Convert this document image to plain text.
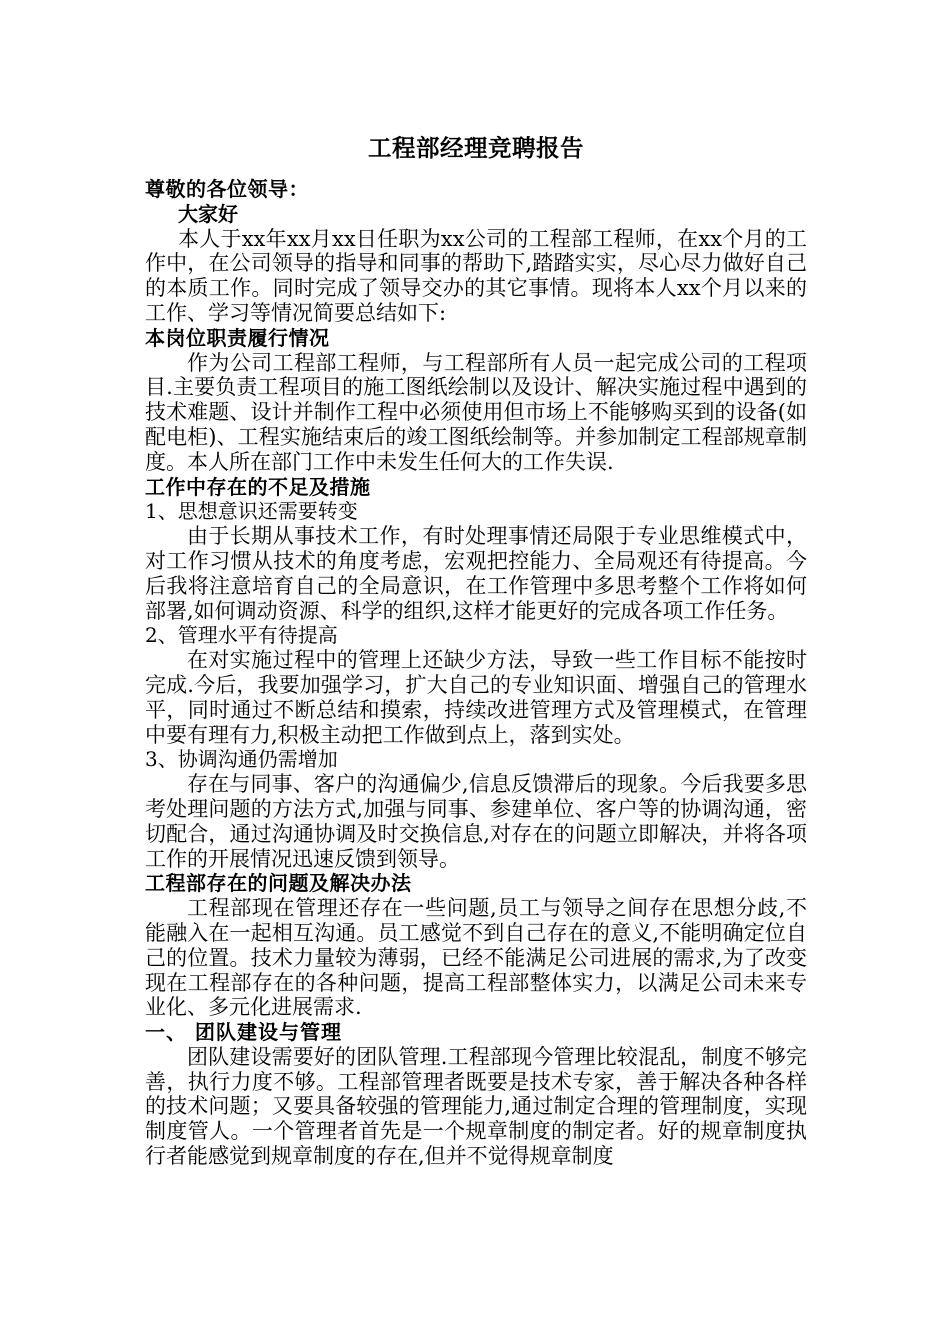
工程部经理竞聘报告

尊敬的各位领导：

大家好

本人于xx年xx月xx日任职为xx公司的工程部工程师，在xx个月的工作中，在公司领导的指导和同事的帮助下,踏踏实实，尽心尽力做好自己的本质工作。同时完成了领导交办的其它事情。现将本人xx个月以来的工作、学习等情况简要总结如下:

本岗位职责履行情况

作为公司工程部工程师，与工程部所有人员一起完成公司的工程项目.主要负责工程项目的施工图纸绘制以及设计、解决实施过程中遇到的技术难题、设计并制作工程中必须使用但市场上不能够购买到的设备(如配电柜)、工程实施结束后的竣工图纸绘制等。并参加制定工程部规章制度。本人所在部门工作中未发生任何大的工作失误.

工作中存在的不足及措施

1、思想意识还需要转变

由于长期从事技术工作，有时处理事情还局限于专业思维模式中，对工作习惯从技术的角度考虑，宏观把控能力、全局观还有待提高。今后我将注意培育自己的全局意识，在工作管理中多思考整个工作将如何部署,如何调动资源、科学的组织,这样才能更好的完成各项工作任务。

2、管理水平有待提高

在对实施过程中的管理上还缺少方法，导致一些工作目标不能按时完成.今后，我要加强学习，扩大自己的专业知识面、增强自己的管理水平，同时通过不断总结和摸索，持续改进管理方式及管理模式，在管理中要有理有力,积极主动把工作做到点上，落到实处。

3、协调沟通仍需增加

存在与同事、客户的沟通偏少,信息反馈滞后的现象。今后我要多思考处理问题的方法方式,加强与同事、参建单位、客户等的协调沟通，密切配合，通过沟通协调及时交换信息,对存在的问题立即解决，并将各项工作的开展情况迅速反馈到领导。

工程部存在的问题及解决办法

工程部现在管理还存在一些问题,员工与领导之间存在思想分歧,不能融入在一起相互沟通。员工感觉不到自己存在的意义,不能明确定位自己的位置。技术力量较为薄弱，已经不能满足公司进展的需求,为了改变现在工程部存在的各种问题，提高工程部整体实力，以满足公司未来专业化、多元化进展需求.

一、 团队建设与管理

团队建设需要好的团队管理.工程部现今管理比较混乱，制度不够完善，执行力度不够。工程部管理者既要是技术专家，善于解决各种各样的技术问题；又要具备较强的管理能力,通过制定合理的管理制度，实现制度管人。一个管理者首先是一个规章制度的制定者。好的规章制度执行者能感觉到规章制度的存在,但并不觉得规章制度
